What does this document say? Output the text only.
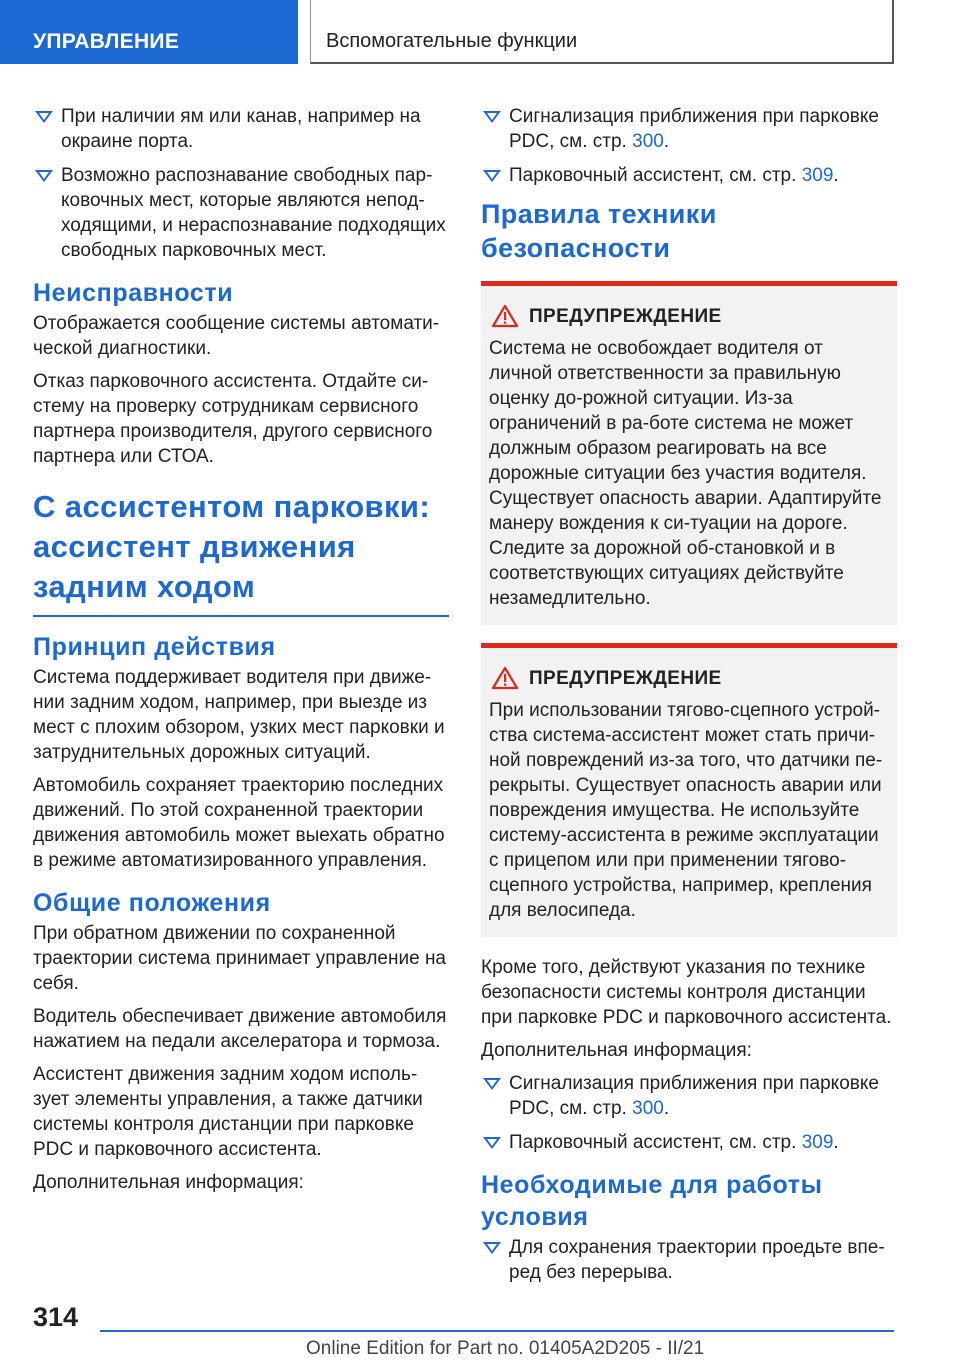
УПРАВЛЕНИЕ	Вспомогательные функции
При наличии ям или канав, например на окраине порта.
Возможно распознавание свободных пар-ковочных мест, которые являются непод-ходящими, и нераспознавание подходящих свободных парковочных мест.
Неисправности

Отображается сообщение системы автомати-ческой диагностики.

Отказ парковочного ассистента. Отдайте си-стему на проверку сотрудникам сервисного партнера производителя, другого сервисного партнера или СТОА.

С ассистентом парковки: ассистент движения задним ходом
Принцип действия

Система поддерживает водителя при движе-нии задним ходом, например, при выезде из мест с плохим обзором, узких мест парковки и затруднительных дорожных ситуаций.

Автомобиль сохраняет траекторию последних движений. По этой сохраненной траектории движения автомобиль может выехать обратно в режиме автоматизированного управления.

Общие положения

При обратном движении по сохраненной траектории система принимает управление на себя.

Водитель обеспечивает движение автомобиля нажатием на педали акселератора и тормоза.

Ассистент движения задним ходом исполь-зует элементы управления, а также датчики системы контроля дистанции при парковке PDC и парковочного ассистента.

Дополнительная информация:

Сигнализация приближения при парковке PDC, см. стр. 300.
Парковочный ассистент, см. стр. 309.
Правила техники безопасности
ПРЕДУПРЕЖДЕНИЕ
Система не освобождает водителя от личной ответственности за правильную оценку до-рожной ситуации. Из-за ограничений в ра-боте система не может должным образом реагировать на все дорожные ситуации без участия водителя. Существует опасность аварии. Адаптируйте манеру вождения к си-туации на дороге. Следите за дорожной об-становкой и в соответствующих ситуациях действуйте незамедлительно.
ПРЕДУПРЕЖДЕНИЕ
При использовании тягово-сцепного устрой-ства система-ассистент может стать причи-ной повреждений из-за того, что датчики пе-рекрыты. Существует опасность аварии или повреждения имущества. Не используйте систему-ассистента в режиме эксплуатации с прицепом или при применении тягово-сцепного устройства, например, крепления для велосипеда.

Кроме того, действуют указания по технике безопасности системы контроля дистанции при парковке PDC и парковочного ассистента.

Дополнительная информация:

Сигнализация приближения при парковке PDC, см. стр. 300.
Парковочный ассистент, см. стр. 309.
Необходимые для работы условия
Для сохранения траектории проедьте впе-ред без перерыва.
314
Online Edition for Part no. 01405A2D205 - II/21
